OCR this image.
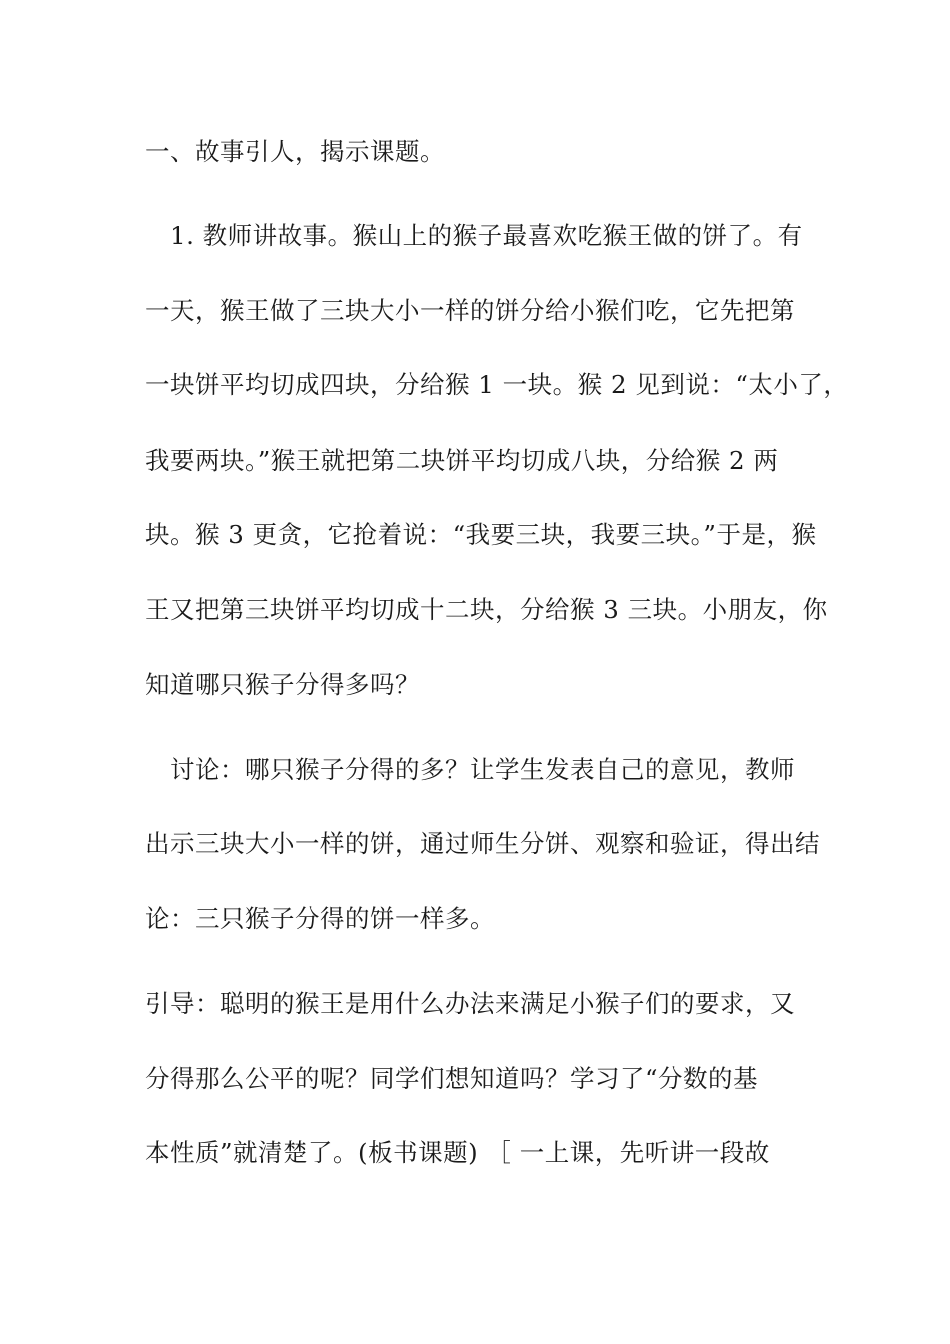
一、故事引人，揭示课题。
1. 教师讲故事。猴山上的猴子最喜欢吃猴王做的饼了。有
一天，猴王做了三块大小一样的饼分给小猴们吃，它先把第
一块饼平均切成四块，分给猴 1 一块。猴 2 见到说：“太小了，
我要两块。”猴王就把第二块饼平均切成八块，分给猴 2 两
块。猴 3 更贪，它抢着说：“我要三块，我要三块。”于是，猴
王又把第三块饼平均切成十二块，分给猴 3 三块。小朋友，你
知道哪只猴子分得多吗？
讨论：哪只猴子分得的多？让学生发表自己的意见，教师
出示三块大小一样的饼，通过师生分饼、观察和验证，得出结
论：三只猴子分得的饼一样多。
引导：聪明的猴王是用什么办法来满足小猴子们的要求，又
分得那么公平的呢？同学们想知道吗？学习了“分数的基
本性质”就清楚了。(板书课题) ［ 一上课，先听讲一段故
